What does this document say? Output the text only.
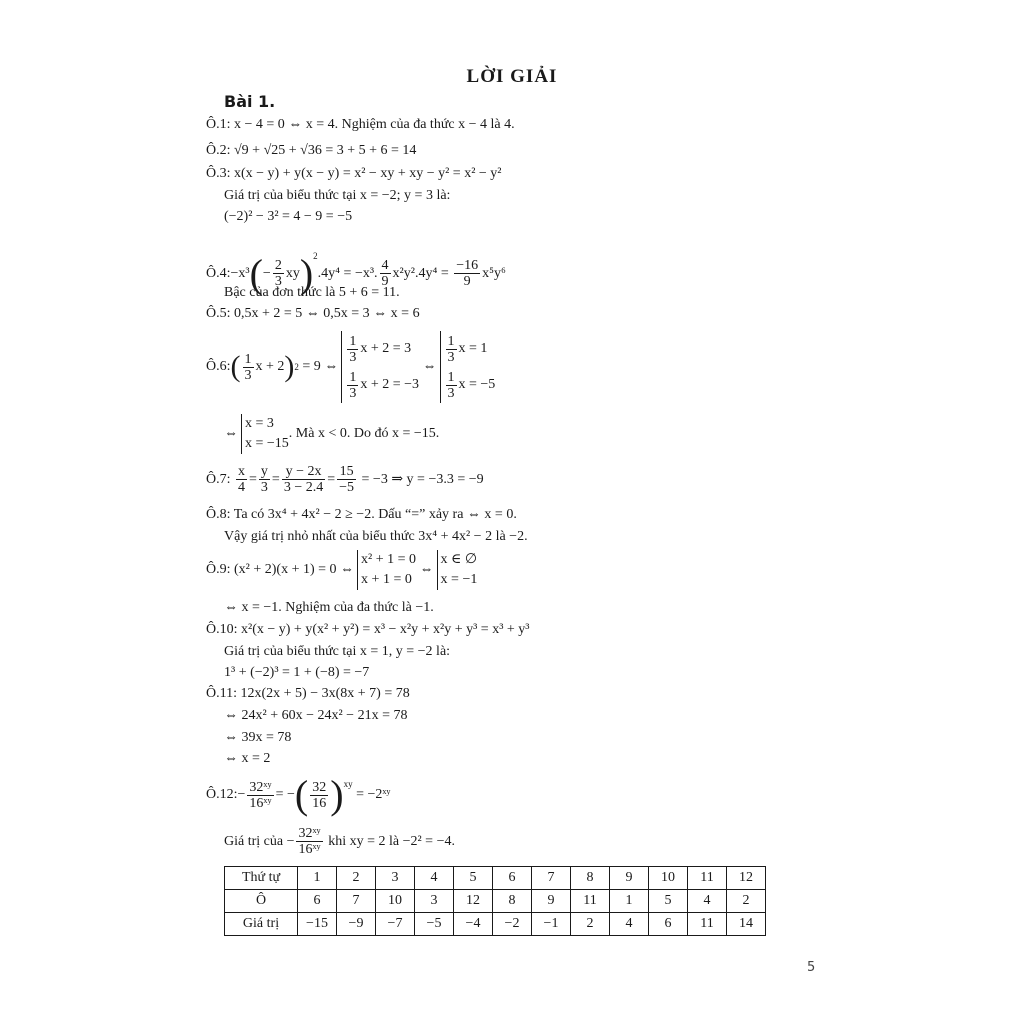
LỜI GIẢI
Bài 1.
Ô.1: x − 4 = 0 ⇔ x = 4. Nghiệm của đa thức x − 4 là 4.
Ô.2: √9 + √25 + √36 = 3 + 5 + 6 = 14
Ô.3: x(x − y) + y(x − y) = x² − xy + xy − y² = x² − y²
Giá trị của biểu thức tại x = −2; y = 3 là:
(−2)² − 3² = 4 − 9 = −5
Ô.4:−x³(− $\frac{2}{3} xy)^2.4y^4 = -x^3$. $\frac{4}{9} x^2y^2.4y^4 = \frac{-16}{9} x^5y^6$
Bậc của đơn thức là 5 + 6 = 11.
Ô.5: 0,5x + 2 = 5 ⇔ 0,5x = 3 ⇔ x = 6
Ô.6: ( $\frac{1}{3}$ x + 2 ) 2
= 9 ⇔
$\frac{1}{3}$ x + 2 = 3
$\frac{1}{3}$ x + 2 = −3

⇔
$\frac{1}{3}$ x = 1
$\frac{1}{3}$ x = −5
⇔
x = 3
x = −15
. Mà x < 0. Do đó x = −15.
Ô.7:
$\frac{x}{4} = \frac{y}{3} = \frac{y - 2x}{3 - 2.4} = \frac{15}{-5}$
= −3 ⇒ y = −3.3 = −9
Ô.8: Ta có 3x⁴ + 4x² − 2 ≥ −2. Dấu “=” xảy ra ⇔ x = 0.
Vậy giá trị nhỏ nhất của biểu thức 3x⁴ + 4x² − 2 là −2.
Ô.9: (x² + 2)(x + 1) = 0 ⇔
x² + 1 = 0
x + 1 = 0

⇔
x ∈ ∅
x = −1
⇔ x = −1. Nghiệm của đa thức là −1.
Ô.10: x²(x − y) + y(x² + y²) = x³ − x²y + x²y + y³ = x³ + y³
Giá trị của biểu thức tại x = 1, y = −2 là:
1³ + (−2)³ = 1 + (−8) = −7
Ô.11: 12x(2x + 5) − 3x(8x + 7) = 78
⇔ 24x² + 60x − 24x² − 21x = 78
⇔ 39x = 78
⇔ x = 2
Ô.12:− $\frac{\text{32ˣʸ}}{\text{16ˣʸ}}$ = − ( $\frac{32}{16} )^{xy}$

= −2ˣʸ
Giá trị của − $\frac{\text{32ˣʸ}}{\text{16ˣʸ}}$
khi xy = 2 là −2² = −4.
Thứ tự	1	2	3	4	5	6	7	8	9	10	11	12
Ô	6	7	10	3	12	8	9	11	1	5	4	2
Giá trị	−15	−9	−7	−5	−4	−2	−1	2	4	6	11	14
5
